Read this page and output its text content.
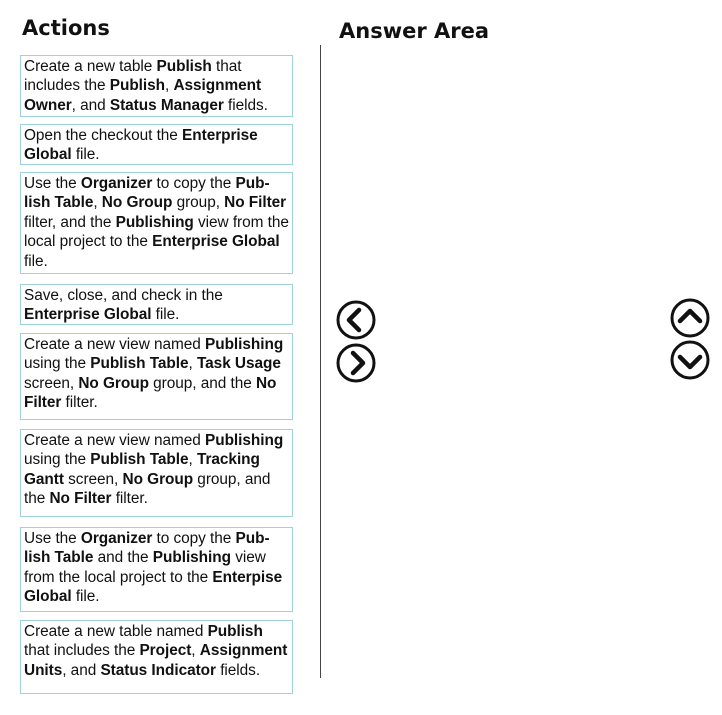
Actions	Answer Area
Create a new table Publish that includes the Publish, Assignment Owner, and Status Manager fields.
Open the checkout the Enterprise Global file.
Use the Organizer to copy the Pub-lish Table, No Group group, No Filter filter, and the Publishing view from the local project to the Enterprise Global file.
Save, close, and check in the Enterprise Global file.
Create a new view named Publishing using the Publish Table, Task Usage screen, No Group group, and the No Filter filter.
Create a new view named Publishing using the Publish Table, Tracking Gantt screen, No Group group, and the No Filter filter.
Use the Organizer to copy the Pub-lish Table and the Publishing view from the local project to the Enterpise Global file.
Create a new table named Publish that includes the Project, Assignment Units, and Status Indicator fields.
